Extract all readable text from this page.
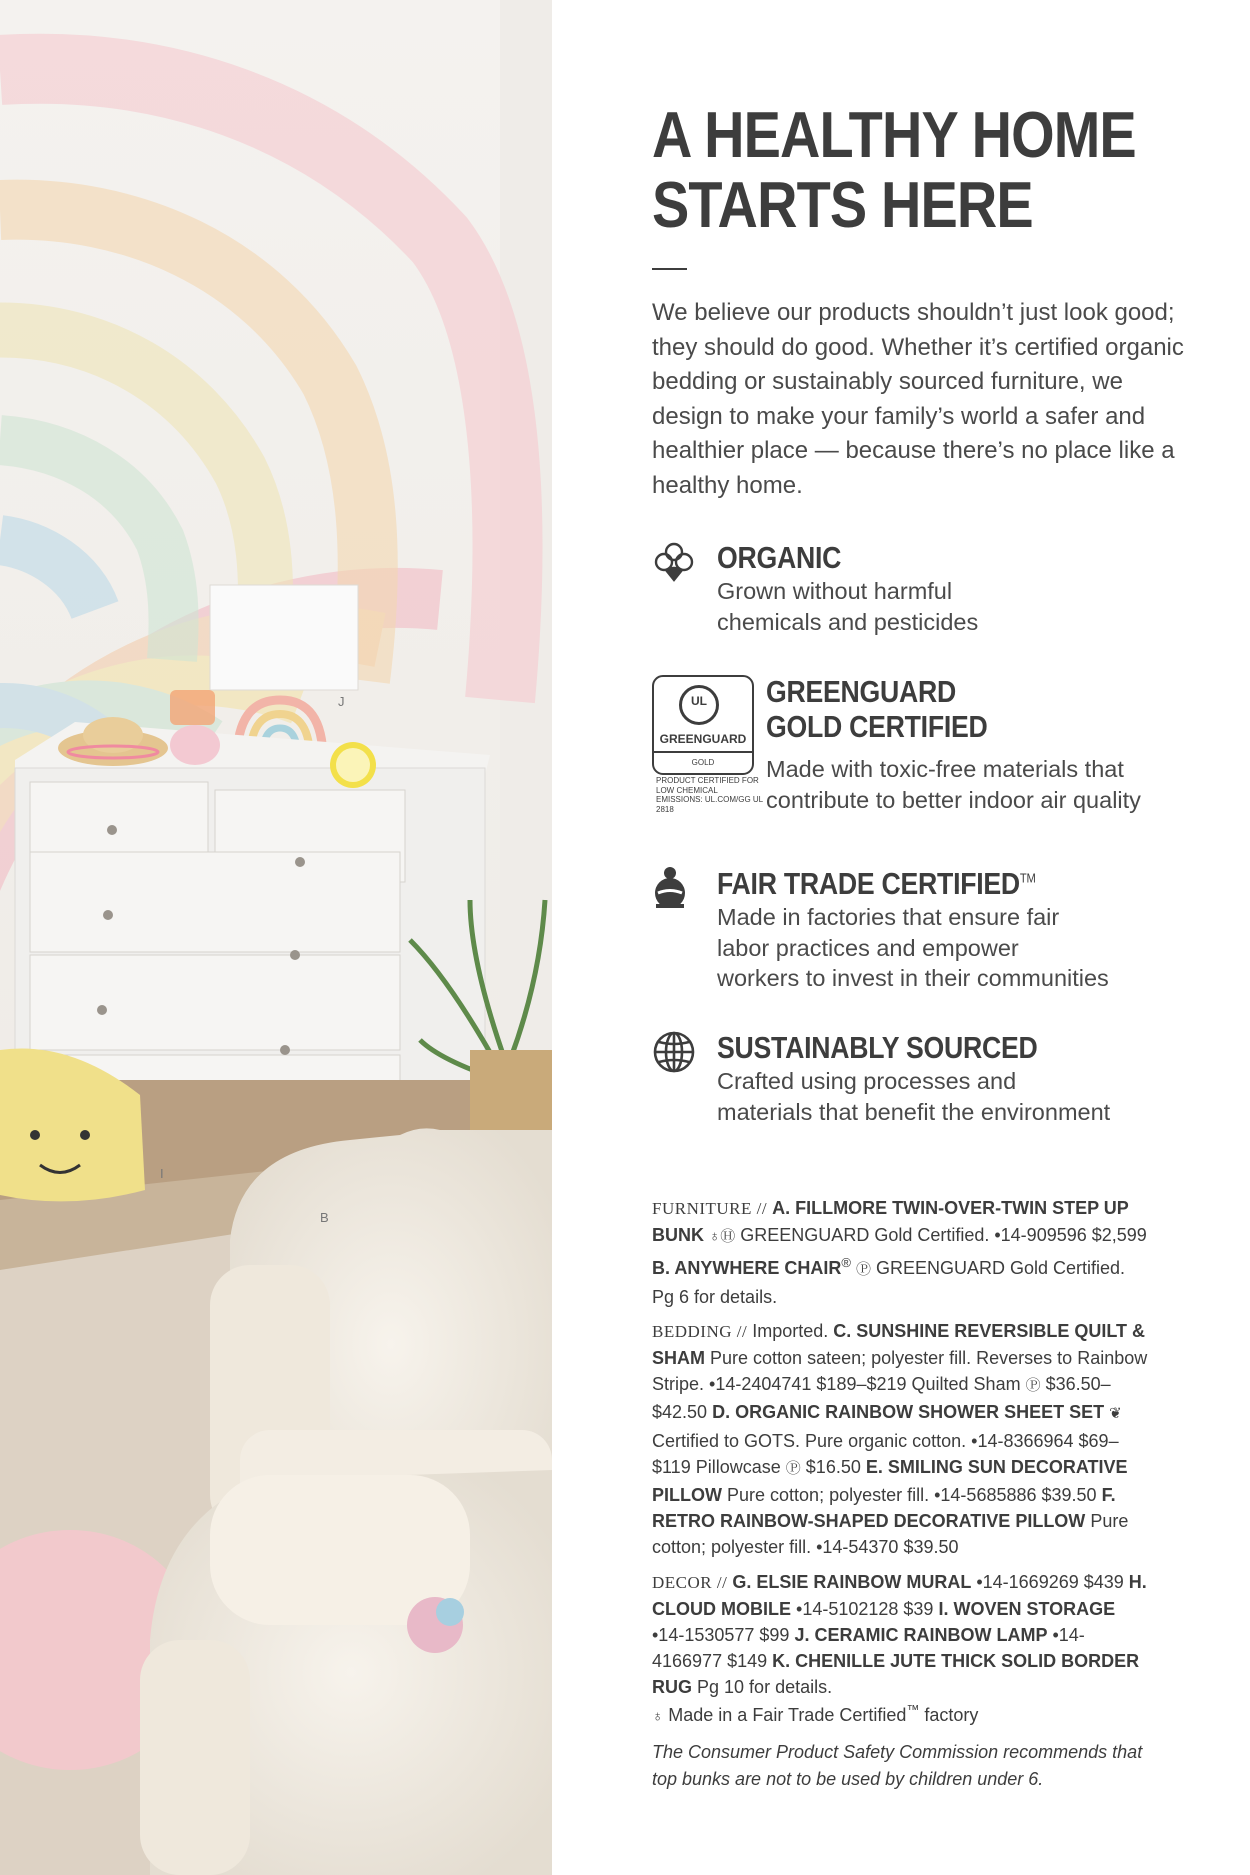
J
I
B
A HEALTHY HOME
STARTS HERE
We believe our products shouldn’t just look good; they should do good. Whether it’s certified organic bedding or sustainably sourced furniture, we design to make your family’s world a safer and healthier place — because there’s no place like a healthy home.
ORGANIC
Grown without harmful
chemicals and pesticides
UL
GREENGUARD
GOLD
PRODUCT CERTIFIED FOR LOW CHEMICAL EMISSIONS: UL.COM/GG UL 2818
GREENGUARD
GOLD CERTIFIED
Made with toxic-free materials that
contribute to better indoor air quality
FAIR TRADE CERTIFIED™
Made in factories that ensure fair
labor practices and empower
workers to invest in their communities
SUSTAINABLY SOURCED
Crafted using processes and
materials that benefit the environment

FURNITURE // A. FILLMORE TWIN-OVER-TWIN STEP UP BUNK ♁Ⓗ GREENGUARD Gold Certified. •14-909596 $2,599 B. ANYWHERE CHAIR® Ⓟ GREENGUARD Gold Certified. Pg 6 for details.

BEDDING // Imported. C. SUNSHINE REVERSIBLE QUILT & SHAM Pure cotton sateen; polyester fill. Reverses to Rainbow Stripe. •14-2404741 $189–$219 Quilted Sham Ⓟ $36.50–$42.50 D. ORGANIC RAINBOW SHOWER SHEET SET ❦ Certified to GOTS. Pure organic cotton. •14-8366964 $69–$119 Pillowcase Ⓟ $16.50 E. SMILING SUN DECORATIVE PILLOW Pure cotton; polyester fill. •14-5685886 $39.50 F. RETRO RAINBOW-SHAPED DECORATIVE PILLOW Pure cotton; polyester fill. •14-54370 $39.50

DECOR // G. ELSIE RAINBOW MURAL •14-1669269 $439 H. CLOUD MOBILE •14-5102128 $39 I. WOVEN STORAGE •14-1530577 $99 J. CERAMIC RAINBOW LAMP •14-4166977 $149 K. CHENILLE JUTE THICK SOLID BORDER RUG Pg 10 for details.

♁ Made in a Fair Trade Certified™ factory
The Consumer Product Safety Commission recommends that top bunks are not to be used by children under 6.
